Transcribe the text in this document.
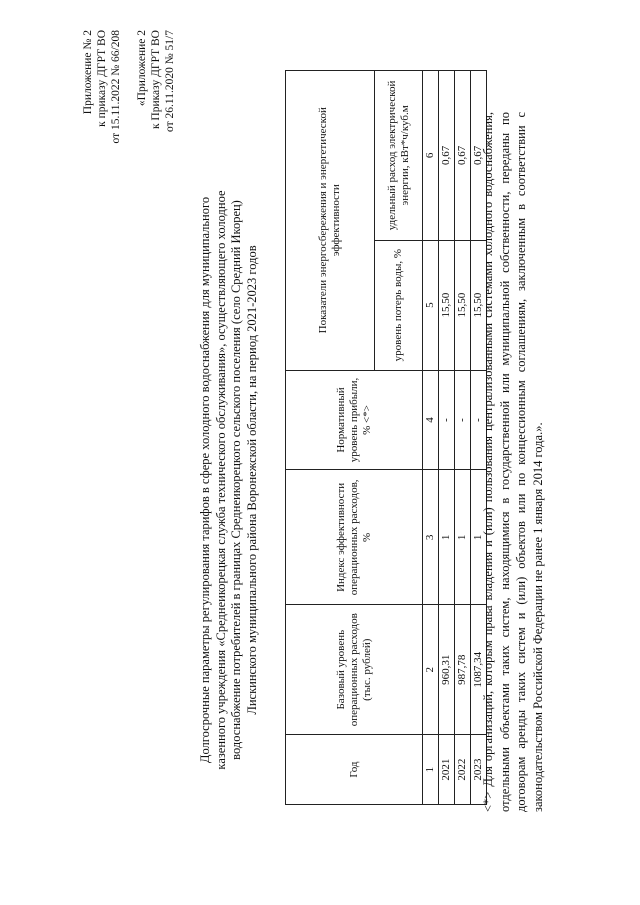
Приложение № 2 к приказу ДГРТ ВО от 15.11.2022 № 66/208 «Приложение 2 к Приказу ДГРТ ВО от 26.11.2020 № 51/7
Долгосрочные параметры регулирования тарифов в сфере холодного водоснабжения для муниципального казенного учреждения «Среднеикорецкая служба технического обслуживания», осуществляющего холодное водоснабжение потребителей в границах Среднеикорецкого сельского поселения (село Средний Икорец) Лискинского муниципального района Воронежской области, на период 2021-2023 годов
Год	Базовый уровень операционных расходов (тыс. рублей)	Индекс эффективности операционных расходов, %	Нормативный уровень прибыли, % <*>	Показатели энергосбережения и энергетической эффективности	
				уровень потерь воды, %	удельный расход электрической энергии, кВт*ч/куб.м
1	2	3	4	5	6
2021	960,31	1	-	15,50	0,67
2022	987,78	1	-	15,50	0,67
2023	1087,34	1	-	15,50	0,67
<*> Для организаций, которым права владения и (или) пользования централизованными системами холодного водоснабжения, отдельными объектами таких систем, находящимися в государственной или муниципальной собственности, переданы по договорам аренды таких систем и (или) объектов или по концессионным соглашениям, заключенным в соответствии с законодательством Российской Федерации не ранее 1 января 2014 года.».
